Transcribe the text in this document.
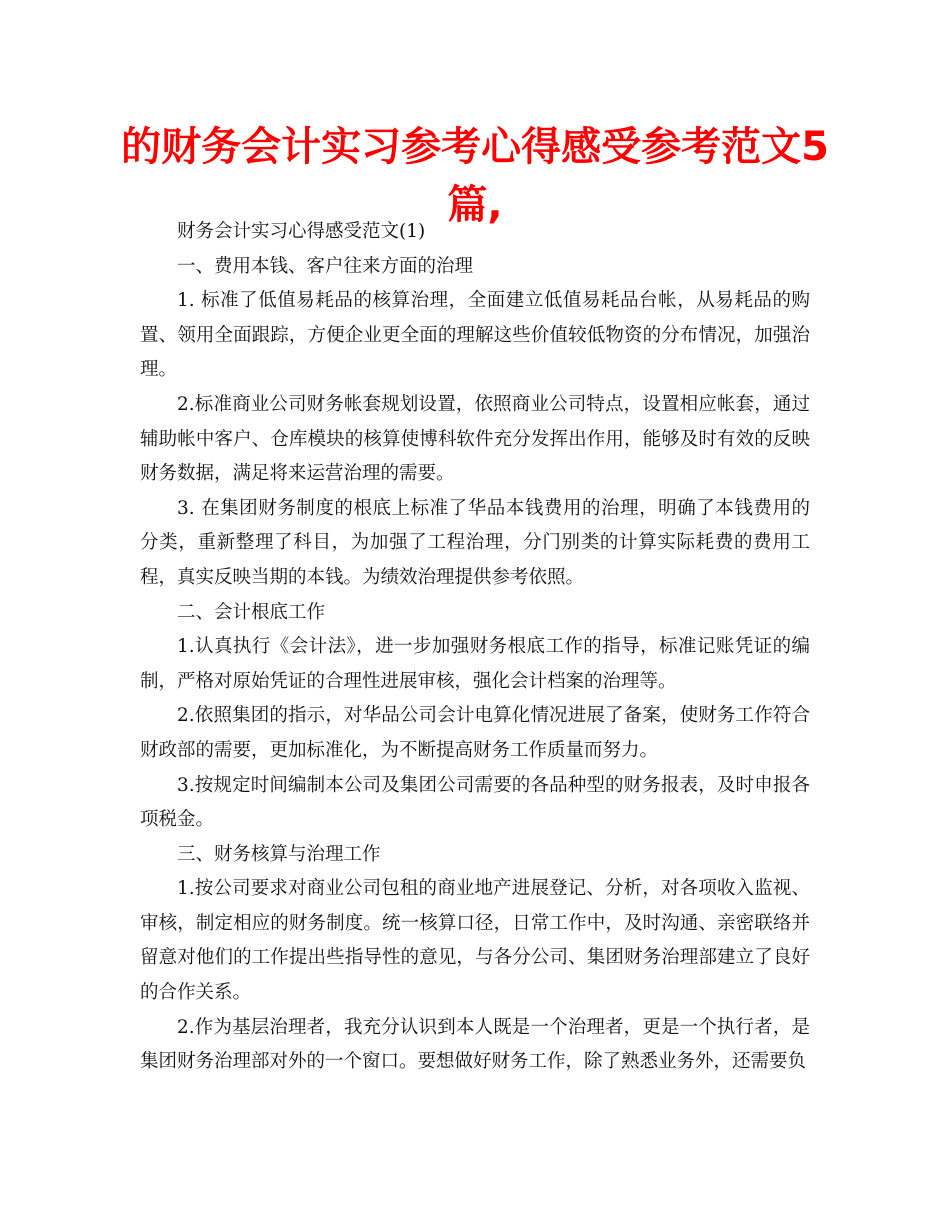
的财务会计实习参考心得感受参考范文5篇,

财务会计实习心得感受范文(1)

一、费用本钱、客户往来方面的治理

1. 标准了低值易耗品的核算治理，全面建立低值易耗品台帐，从易耗品的购置、领用全面跟踪，方便企业更全面的理解这些价值较低物资的分布情况，加强治理。

2.标准商业公司财务帐套规划设置，依照商业公司特点，设置相应帐套，通过辅助帐中客户、仓库模块的核算使博科软件充分发挥出作用，能够及时有效的反映财务数据，满足将来运营治理的需要。

3. 在集团财务制度的根底上标准了华品本钱费用的治理，明确了本钱费用的分类，重新整理了科目，为加强了工程治理，分门别类的计算实际耗费的费用工程，真实反映当期的本钱。为绩效治理提供参考依照。

二、会计根底工作

1.认真执行《会计法》，进一步加强财务根底工作的指导，标准记账凭证的编制，严格对原始凭证的合理性进展审核，强化会计档案的治理等。

2.依照集团的指示，对华品公司会计电算化情况进展了备案，使财务工作符合财政部的需要，更加标准化，为不断提高财务工作质量而努力。

3.按规定时间编制本公司及集团公司需要的各品种型的财务报表，及时申报各项税金。

三、财务核算与治理工作

1.按公司要求对商业公司包租的商业地产进展登记、分析，对各项收入监视、审核，制定相应的财务制度。统一核算口径，日常工作中，及时沟通、亲密联络并留意对他们的工作提出些指导性的意见，与各分公司、集团财务治理部建立了良好的合作关系。

2.作为基层治理者，我充分认识到本人既是一个治理者，更是一个执行者，是集团财务治理部对外的一个窗口。要想做好财务工作，除了熟悉业务外，还需要负
